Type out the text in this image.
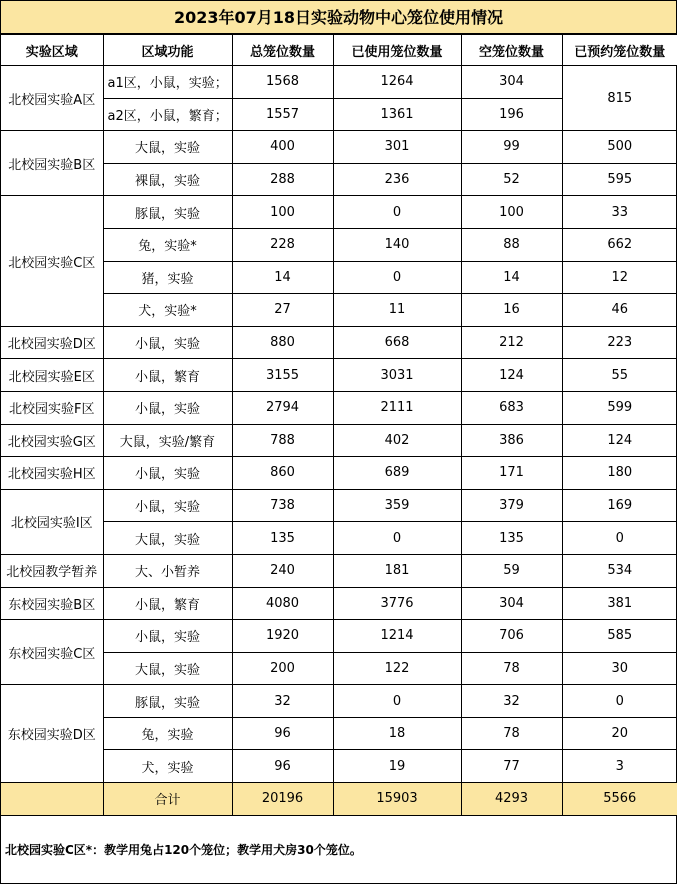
2023年07月18日实验动物中心笼位使用情况
实验区域	区域功能	总笼位数量	已使用笼位数量	空笼位数量	已预约笼位数量
北校园实验A区	a1区，小鼠，实验；	1568	1264	304	815
	a2区，小鼠，繁育；	1557	1361	196	
北校园实验B区	大鼠，实验	400	301	99	500
	裸鼠，实验	288	236	52	595
北校园实验C区	豚鼠，实验	100	0	100	33
	兔，实验*	228	140	88	662
	猪，实验	14	0	14	12
	犬，实验*	27	11	16	46
北校园实验D区	小鼠，实验	880	668	212	223
北校园实验E区	小鼠，繁育	3155	3031	124	55
北校园实验F区	小鼠，实验	2794	2111	683	599
北校园实验G区	大鼠，实验/繁育	788	402	386	124
北校园实验H区	小鼠，实验	860	689	171	180
北校园实验I区	小鼠，实验	738	359	379	169
	大鼠，实验	135	0	135	0
北校园教学暂养	大、小暂养	240	181	59	534
东校园实验B区	小鼠，繁育	4080	3776	304	381
东校园实验C区	小鼠，实验	1920	1214	706	585
	大鼠，实验	200	122	78	30
东校园实验D区	豚鼠，实验	32	0	32	0
	兔，实验	96	18	78	20
	犬，实验	96	19	77	3
	合计	20196	15903	4293	5566
北校园实验C区*：教学用兔占120个笼位；教学用犬房30个笼位。
